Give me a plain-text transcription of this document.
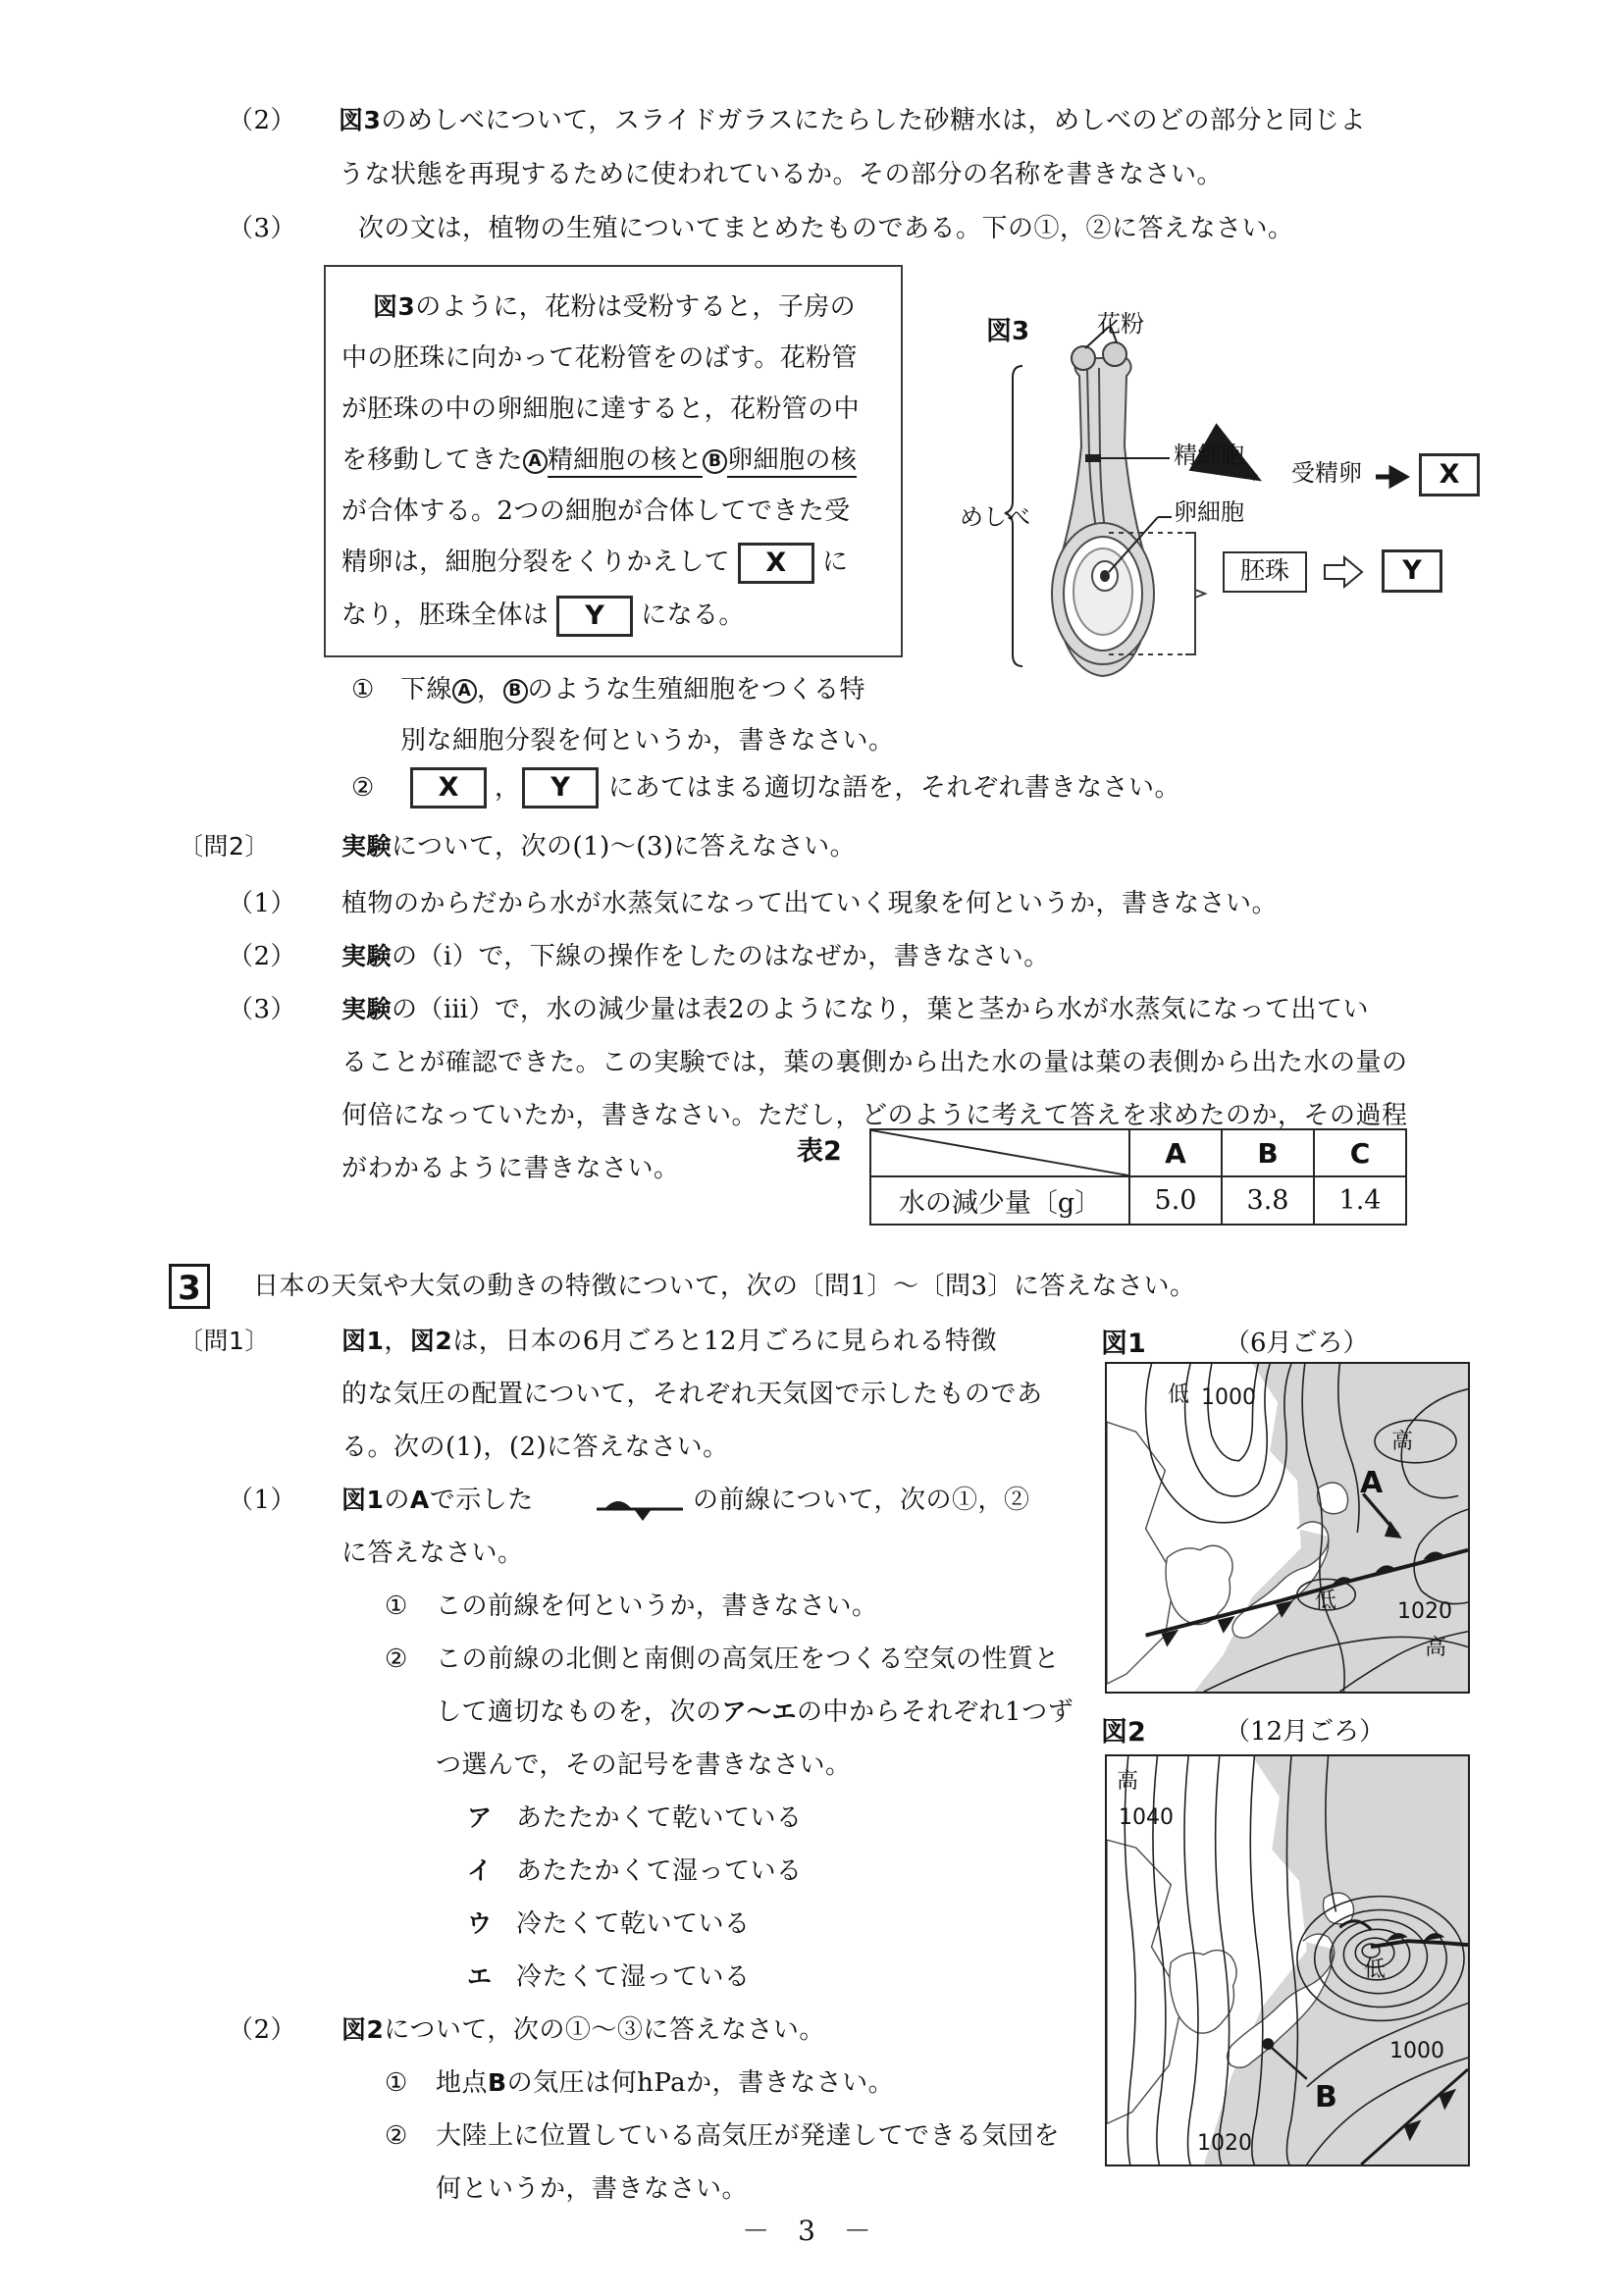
（2） 図3のめしべについて，スライドガラスにたらした砂糖水は，めしべのどの部分と同じよ
うな状態を再現するために使われているか。その部分の名称を書きなさい。
（3） 次の文は，植物の生殖についてまとめたものである。下の①，②に答えなさい。
図3のように，花粉は受粉すると，子房の
中の胚珠に向かって花粉管をのばす。花粉管
が胚珠の中の卵細胞に達すると，花粉管の中
を移動してきた A 精細胞の核と B 卵細胞の核
が合体する。2つの細胞が合体してできた受
精卵は，細胞分裂をくりかえして X に
なり，胚珠全体は Y になる。
図3	花粉
精細胞
卵細胞
めしべ
受精卵	X
胚珠	Y
① 下線 A ， B のような生殖細胞をつくる特
別な細胞分裂を何というか，書きなさい。
②	X	，	Y	にあてはまる適切な語を，それぞれ書きなさい。
〔問2〕	実験について，次の(1)～(3)に答えなさい。
（1） 植物のからだから水が水蒸気になって出ていく現象を何というか，書きなさい。
（2） 実験の（ⅰ）で，下線の操作をしたのはなぜか，書きなさい。
（3） 実験の（ⅲ）で，水の減少量は表2のようになり，葉と茎から水が水蒸気になって出てい
ることが確認できた。この実験では，葉の裏側から出た水の量は葉の表側から出た水の量の
何倍になっていたか，書きなさい。ただし，どのように考えて答えを求めたのか，その過程
がわかるように書きなさい。
表2
		A	B	C
水の減少量〔g〕	5.0	3.8	1.4
3	日本の天気や大気の動きの特徴について，次の〔問1〕～〔問3〕に答えなさい。
〔問1〕	図1，図2は，日本の6月ごろと12月ごろに見られる特徴
的な気圧の配置について，それぞれ天気図で示したものであ
る。次の(1)，(2)に答えなさい。
（1） 図1のAで示した	の前線について，次の①，②
に答えなさい。
① この前線を何というか，書きなさい。
② この前線の北側と南側の高気圧をつくる空気の性質と
して適切なものを，次のア～エの中からそれぞれ1つず
つ選んで，その記号を書きなさい。
ア あたたかくて乾いている
イ あたたかくて湿っている
ウ 冷たくて乾いている
エ 冷たくて湿っている
（2） 図2について，次の①～③に答えなさい。
① 地点Bの気圧は何hPaか，書きなさい。
② 大陸上に位置している高気圧が発達してできる気団を
何というか，書きなさい。
図1	（6月ごろ）
低 1000
高
A
低	1020
高
図2	（12月ごろ）
高
1040
低
B
1000
1020
－ 3 －
